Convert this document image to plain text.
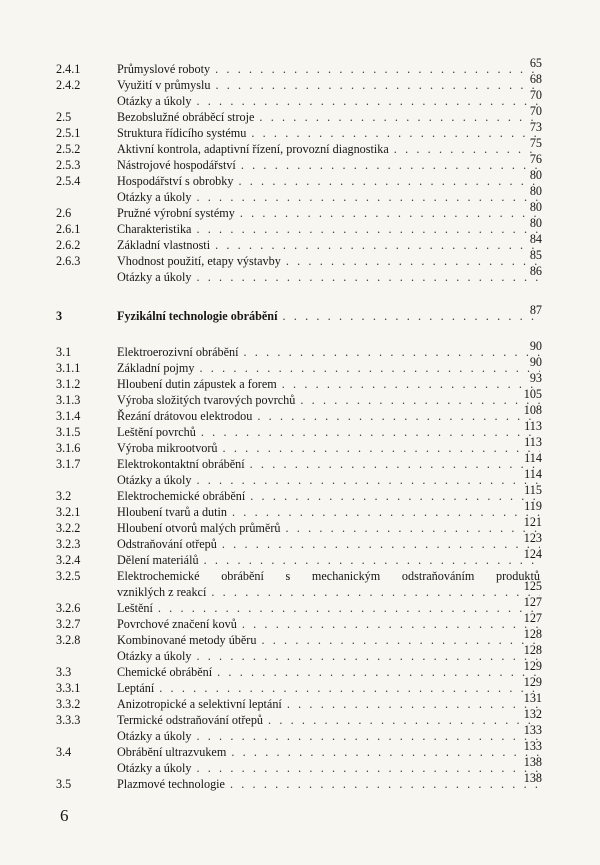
2.4.1	Průmyslové roboty . . .	65
2.4.2	Využití v průmyslu . . .	68
Otázky a úkoly . . .	70
2.5	Bezobslužné obráběcí stroje . . .	70
2.5.1	Struktura řídicího systému . . .	73
2.5.2	Aktivní kontrola, adaptivní řízení, provozní diagnostika . . .	75
2.5.3	Nástrojové hospodářství . . .	76
2.5.4	Hospodářství s obrobky . . .	80
Otázky a úkoly . . .	80
2.6	Pružné výrobní systémy . . .	80
2.6.1	Charakteristika . . .	80
2.6.2	Základní vlastnosti . . .	84
2.6.3	Vhodnost použití, etapy výstavby . . .	85
Otázky a úkoly . . .	86
3	Fyzikální technologie obrábění . . .	87
3.1	Elektroerozivní obrábění . . .	90
3.1.1	Základní pojmy . . .	90
3.1.2	Hloubení dutin zápustek a forem . . .	93
3.1.3	Výroba složitých tvarových povrchů . . .	105
3.1.4	Řezání drátovou elektrodou . . .	108
3.1.5	Leštění povrchů . . .	113
3.1.6	Výroba mikrootvorů . . .	113
3.1.7	Elektrokontaktní obrábění . . .	114
Otázky a úkoly . . .	114
3.2	Elektrochemické obrábění . . .	115
3.2.1	Hloubení tvarů a dutin . . .	119
3.2.2	Hloubení otvorů malých průměrů . . .	121
3.2.3	Odstraňování otřepů . . .	123
3.2.4	Dělení materiálů . . .	124
3.2.5	Elektrochemické obrábění s mechanickým odstraňováním produktů
vzniklých z reakcí . . .	125
3.2.6	Leštění . . .	127
3.2.7	Povrchové značení kovů . . .	127
3.2.8	Kombinované metody úběru . . .	128
Otázky a úkoly . . .	128
3.3	Chemické obrábění . . .	129
3.3.1	Leptání . . .	129
3.3.2	Anizotropické a selektivní leptání . . .	131
3.3.3	Termické odstraňování otřepů . . .	132
Otázky a úkoly . . .	133
3.4	Obrábění ultrazvukem . . .	133
Otázky a úkoly . . .	138
3.5	Plazmové technologie . . .	138
6
